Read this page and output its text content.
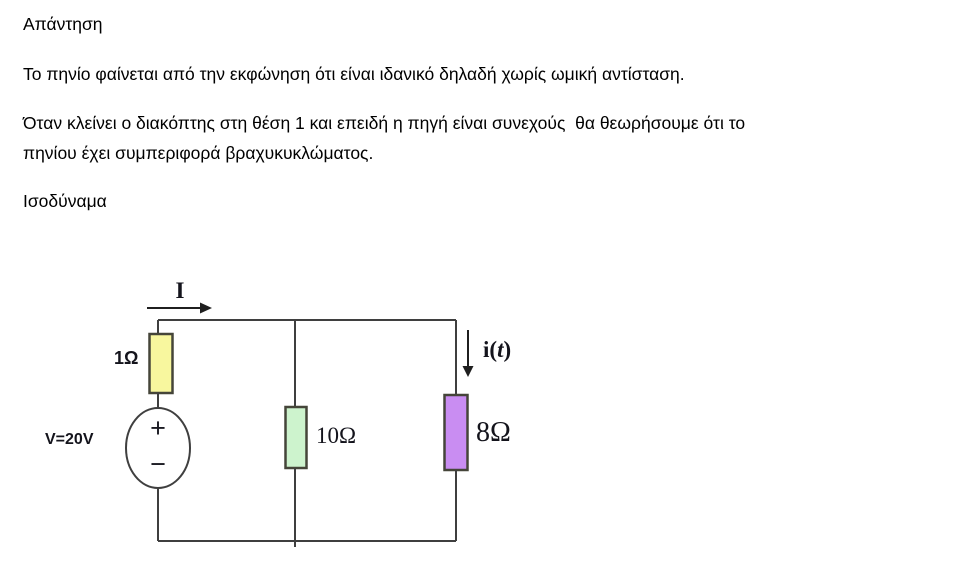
Απάντηση
Το πηνίο φαίνεται από την εκφώνηση ότι είναι ιδανικό δηλαδή χωρίς ωμική αντίσταση.
Όταν κλείνει ο διακόπτης στη θέση 1 και επειδή η πηγή είναι συνεχούς  θα θεωρήσουμε ότι το
πηνίου έχει συμπεριφορά βραχυκυκλώματος.
Ισοδύναμα
I
i(t)
1Ω
V=20V +
−
10Ω	8Ω
